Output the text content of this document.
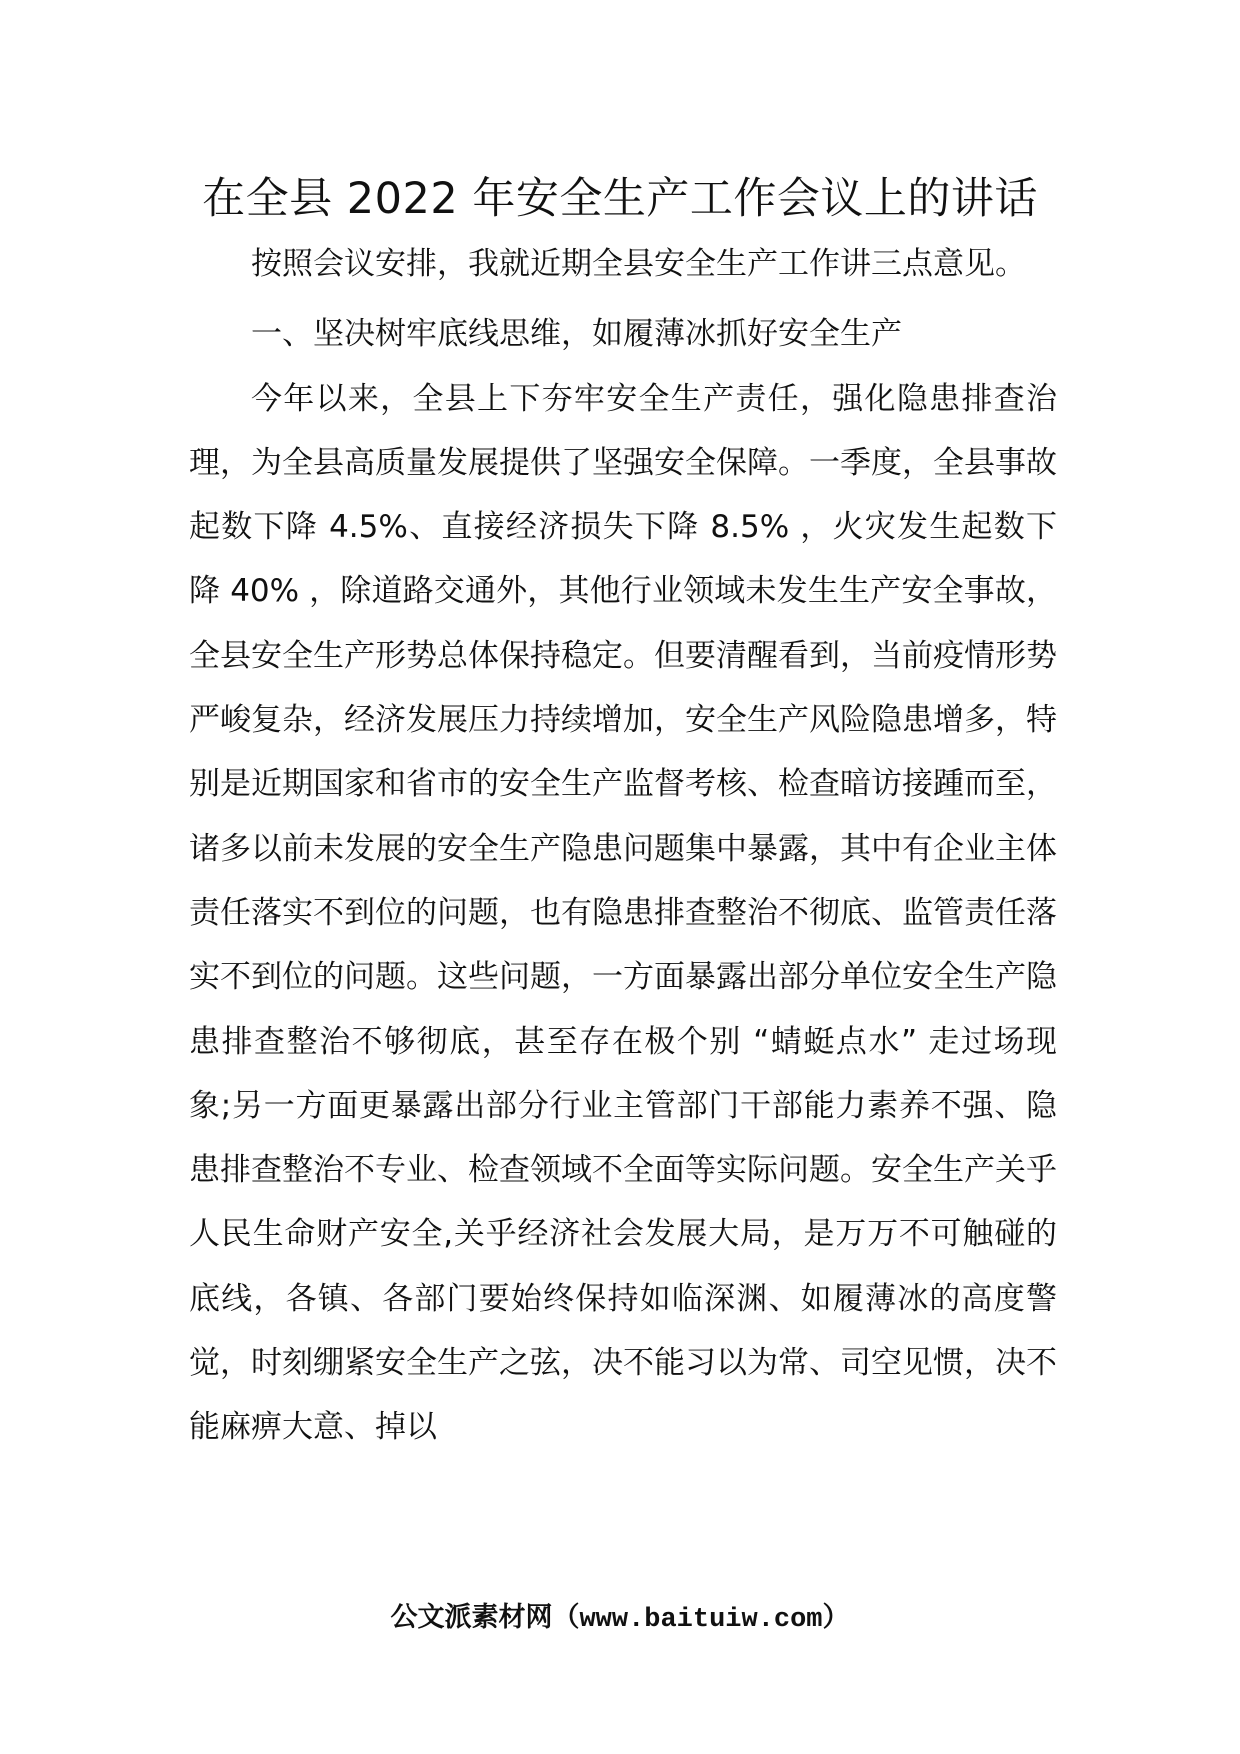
在全县 2022 年安全生产工作会议上的讲话

按照会议安排，我就近期全县安全生产工作讲三点意见。

一、坚决树牢底线思维，如履薄冰抓好安全生产

今年以来，全县上下夯牢安全生产责任，强化隐患排查治理，为全县高质量发展提供了坚强安全保障。一季度，全县事故起数下降 4.5%、直接经济损失下降 8.5% ，火灾发生起数下降 40% ，除道路交通外，其他行业领域未发生生产安全事故，全县安全生产形势总体保持稳定。但要清醒看到，当前疫情形势严峻复杂，经济发展压力持续增加，安全生产风险隐患增多，特别是近期国家和省市的安全生产监督考核、检查暗访接踵而至，诸多以前未发展的安全生产隐患问题集中暴露，其中有企业主体责任落实不到位的问题，也有隐患排查整治不彻底、监管责任落实不到位的问题。这些问题，一方面暴露出部分单位安全生产隐患排查整治不够彻底，甚至存在极个别 “蜻蜓点水” 走过场现象;另一方面更暴露出部分行业主管部门干部能力素养不强、隐患排查整治不专业、检查领域不全面等实际问题。安全生产关乎人民生命财产安全,关乎经济社会发展大局，是万万不可触碰的底线，各镇、各部门要始终保持如临深渊、如履薄冰的高度警觉，时刻绷紧安全生产之弦，决不能习以为常、司空见惯，决不能麻痹大意、掉以

公文派素材网（www.baituiw.com）
